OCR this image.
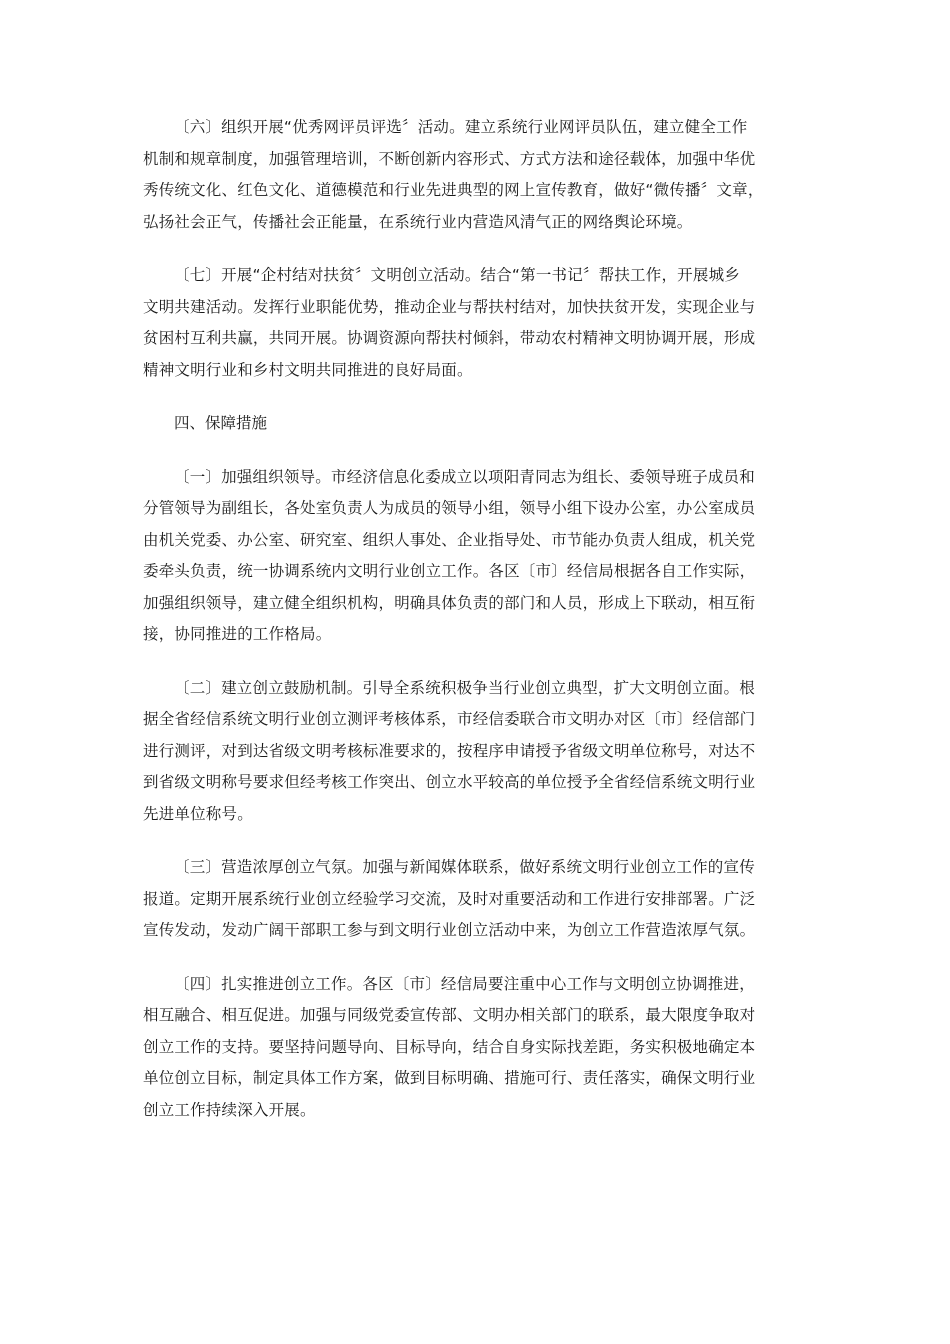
〔六〕组织开展“优秀网评员评选〞活动。建立系统行业网评员队伍，建立健全工作
机制和规章制度，加强管理培训，不断创新内容形式、方式方法和途径载体，加强中华优
秀传统文化、红色文化、道德模范和行业先进典型的网上宣传教育，做好“微传播〞文章，
弘扬社会正气，传播社会正能量，在系统行业内营造风清气正的网络舆论环境。

〔七〕开展“企村结对扶贫〞文明创立活动。结合“第一书记〞帮扶工作，开展城乡
文明共建活动。发挥行业职能优势，推动企业与帮扶村结对，加快扶贫开发，实现企业与
贫困村互利共赢，共同开展。协调资源向帮扶村倾斜，带动农村精神文明协调开展，形成
精神文明行业和乡村文明共同推进的良好局面。

四、保障措施

〔一〕加强组织领导。市经济信息化委成立以项阳青同志为组长、委领导班子成员和
分管领导为副组长，各处室负责人为成员的领导小组，领导小组下设办公室，办公室成员
由机关党委、办公室、研究室、组织人事处、企业指导处、市节能办负责人组成，机关党
委牵头负责，统一协调系统内文明行业创立工作。各区〔市〕经信局根据各自工作实际，
加强组织领导，建立健全组织机构，明确具体负责的部门和人员，形成上下联动，相互衔
接，协同推进的工作格局。

〔二〕建立创立鼓励机制。引导全系统积极争当行业创立典型，扩大文明创立面。根
据全省经信系统文明行业创立测评考核体系，市经信委联合市文明办对区〔市〕经信部门
进行测评，对到达省级文明考核标准要求的，按程序申请授予省级文明单位称号，对达不
到省级文明称号要求但经考核工作突出、创立水平较高的单位授予全省经信系统文明行业
先进单位称号。

〔三〕营造浓厚创立气氛。加强与新闻媒体联系，做好系统文明行业创立工作的宣传
报道。定期开展系统行业创立经验学习交流，及时对重要活动和工作进行安排部署。广泛
宣传发动，发动广阔干部职工参与到文明行业创立活动中来，为创立工作营造浓厚气氛。

〔四〕扎实推进创立工作。各区〔市〕经信局要注重中心工作与文明创立协调推进，
相互融合、相互促进。加强与同级党委宣传部、文明办相关部门的联系，最大限度争取对
创立工作的支持。要坚持问题导向、目标导向，结合自身实际找差距，务实积极地确定本
单位创立目标，制定具体工作方案，做到目标明确、措施可行、责任落实，确保文明行业
创立工作持续深入开展。
